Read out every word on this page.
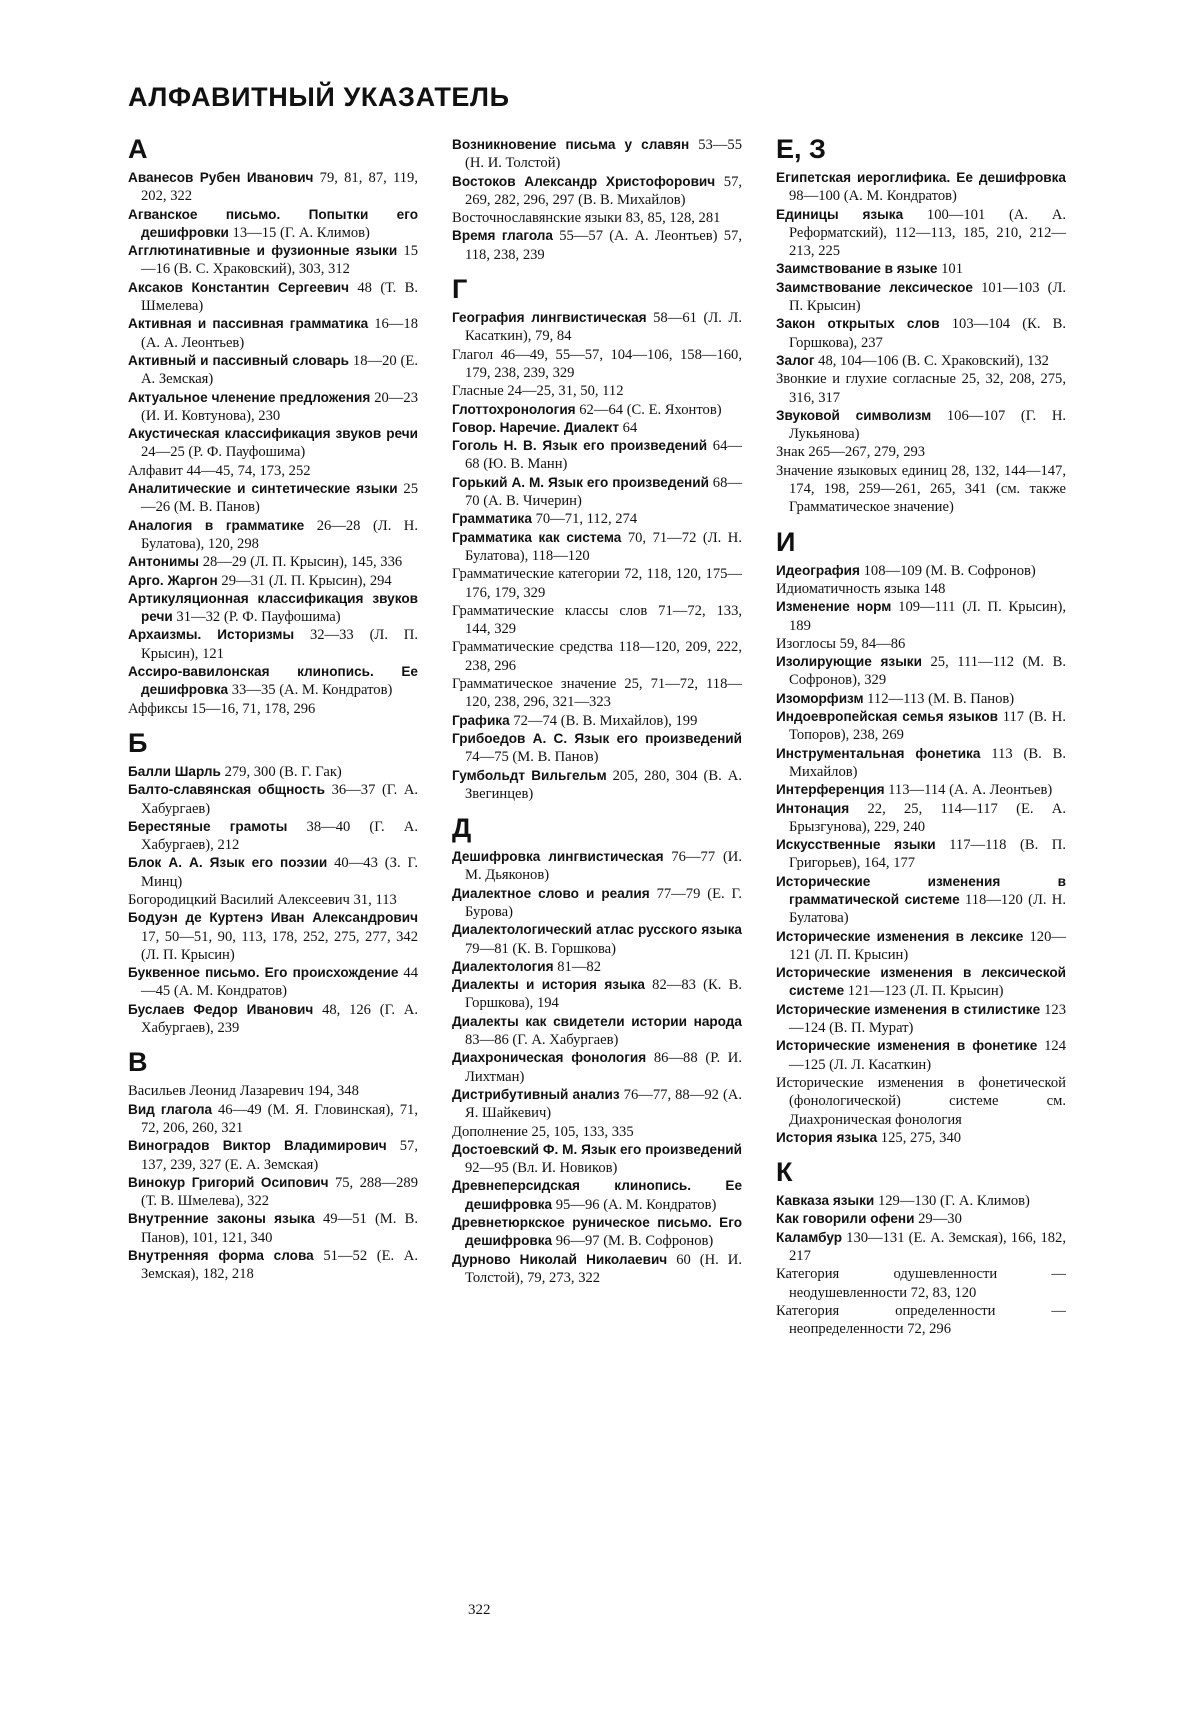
АЛФАВИТНЫЙ УКАЗАТЕЛЬ
А

Аванесов Рубен Иванович 79, 81, 87, 119, 202, 322

Агванское письмо. Попытки его дешифровки 13—15 (Г. А. Климов)

Агглютинативные и фузионные языки 15—16 (В. С. Храковский), 303, 312

Аксаков Константин Сергеевич 48 (Т. В. Шмелева)

Активная и пассивная грамматика 16—18 (А. А. Леонтьев)

Активный и пассивный словарь 18—20 (Е. А. Земская)

Актуальное членение предложения 20—23 (И. И. Ковтунова), 230

Акустическая классификация звуков речи 24—25 (Р. Ф. Пауфошима)

Алфавит 44—45, 74, 173, 252

Аналитические и синтетические языки 25—26 (М. В. Панов)

Аналогия в грамматике 26—28 (Л. Н. Булатова), 120, 298

Антонимы 28—29 (Л. П. Крысин), 145, 336

Арго. Жаргон 29—31 (Л. П. Крысин), 294

Артикуляционная классификация звуков речи 31—32 (Р. Ф. Пауфошима)

Архаизмы. Историзмы 32—33 (Л. П. Крысин), 121

Ассиро-вавилонская клинопись. Ее дешифровка 33—35 (А. М. Кондратов)

Аффиксы 15—16, 71, 178, 296

Б

Балли Шарль 279, 300 (В. Г. Гак)

Балто-славянская общность 36—37 (Г. А. Хабургаев)

Берестяные грамоты 38—40 (Г. А. Хабургаев), 212

Блок А. А. Язык его поэзии 40—43 (З. Г. Минц)

Богородицкий Василий Алексеевич 31, 113

Бодуэн де Куртенэ Иван Александрович 17, 50—51, 90, 113, 178, 252, 275, 277, 342 (Л. П. Крысин)

Буквенное письмо. Его происхождение 44—45 (А. М. Кондратов)

Буслаев Федор Иванович 48, 126 (Г. А. Хабургаев), 239

В

Васильев Леонид Лазаревич 194, 348

Вид глагола 46—49 (М. Я. Гловинская), 71, 72, 206, 260, 321

Виноградов Виктор Владимирович 57, 137, 239, 327 (Е. А. Земская)

Винокур Григорий Осипович 75, 288—289 (Т. В. Шмелева), 322

Внутренние законы языка 49—51 (М. В. Панов), 101, 121, 340

Внутренняя форма слова 51—52 (Е. А. Земская), 182, 218

Возникновение письма у славян 53—55 (Н. И. Толстой)

Востоков Александр Христофорович 57, 269, 282, 296, 297 (В. В. Михайлов)

Восточнославянские языки 83, 85, 128, 281

Время глагола 55—57 (А. А. Леонтьев) 57, 118, 238, 239

Г

География лингвистическая 58—61 (Л. Л. Касаткин), 79, 84

Глагол 46—49, 55—57, 104—106, 158—160, 179, 238, 239, 329

Гласные 24—25, 31, 50, 112

Глоттохронология 62—64 (С. Е. Яхонтов)

Говор. Наречие. Диалект 64

Гоголь Н. В. Язык его произведений 64—68 (Ю. В. Манн)

Горький А. М. Язык его произведений 68—70 (А. В. Чичерин)

Грамматика 70—71, 112, 274

Грамматика как система 70, 71—72 (Л. Н. Булатова), 118—120

Грамматические категории 72, 118, 120, 175—176, 179, 329

Грамматические классы слов 71—72, 133, 144, 329

Грамматические средства 118—120, 209, 222, 238, 296

Грамматическое значение 25, 71—72, 118—120, 238, 296, 321—323

Графика 72—74 (В. В. Михайлов), 199

Грибоедов А. С. Язык его произведений 74—75 (М. В. Панов)

Гумбольдт Вильгельм 205, 280, 304 (В. А. Звегинцев)

Д

Дешифровка лингвистическая 76—77 (И. М. Дьяконов)

Диалектное слово и реалия 77—79 (Е. Г. Бурова)

Диалектологический атлас русского языка 79—81 (К. В. Горшкова)

Диалектология 81—82

Диалекты и история языка 82—83 (К. В. Горшкова), 194

Диалекты как свидетели истории народа 83—86 (Г. А. Хабургаев)

Диахроническая фонология 86—88 (Р. И. Лихтман)

Дистрибутивный анализ 76—77, 88—92 (А. Я. Шайкевич)

Дополнение 25, 105, 133, 335

Достоевский Ф. М. Язык его произведений 92—95 (Вл. И. Новиков)

Древнеперсидская клинопись. Ее дешифровка 95—96 (А. М. Кондратов)

Древнетюркское руническое письмо. Его дешифровка 96—97 (М. В. Софронов)

Дурново Николай Николаевич 60 (Н. И. Толстой), 79, 273, 322

Е, З

Египетская иероглифика. Ее дешифровка 98—100 (А. М. Кондратов)

Единицы языка 100—101 (А. А. Реформатский), 112—113, 185, 210, 212—213, 225

Заимствование в языке 101

Заимствование лексическое 101—103 (Л. П. Крысин)

Закон открытых слов 103—104 (К. В. Горшкова), 237

Залог 48, 104—106 (В. С. Храковский), 132

Звонкие и глухие согласные 25, 32, 208, 275, 316, 317

Звуковой символизм 106—107 (Г. Н. Лукьянова)

Знак 265—267, 279, 293

Значение языковых единиц 28, 132, 144—147, 174, 198, 259—261, 265, 341 (см. также Грамматическое значение)

И

Идеография 108—109 (М. В. Софронов)

Идиоматичность языка 148

Изменение норм 109—111 (Л. П. Крысин), 189

Изоглосы 59, 84—86

Изолирующие языки 25, 111—112 (М. В. Софронов), 329

Изоморфизм 112—113 (М. В. Панов)

Индоевропейская семья языков 117 (В. Н. Топоров), 238, 269

Инструментальная фонетика 113 (В. В. Михайлов)

Интерференция 113—114 (А. А. Леонтьев)

Интонация 22, 25, 114—117 (Е. А. Брызгунова), 229, 240

Искусственные языки 117—118 (В. П. Григорьев), 164, 177

Исторические изменения в грамматической системе 118—120 (Л. Н. Булатова)

Исторические изменения в лексике 120—121 (Л. П. Крысин)

Исторические изменения в лексической системе 121—123 (Л. П. Крысин)

Исторические изменения в стилистике 123—124 (В. П. Мурат)

Исторические изменения в фонетике 124—125 (Л. Л. Касаткин)

Исторические изменения в фонетической (фонологической) системе см. Диахроническая фонология

История языка 125, 275, 340

К

Кавказа языки 129—130 (Г. А. Климов)

Как говорили офени 29—30

Каламбур 130—131 (Е. А. Земская), 166, 182, 217

Категория одушевленности — неодушевленности 72, 83, 120

Категория определенности — неопределенности 72, 296

322
